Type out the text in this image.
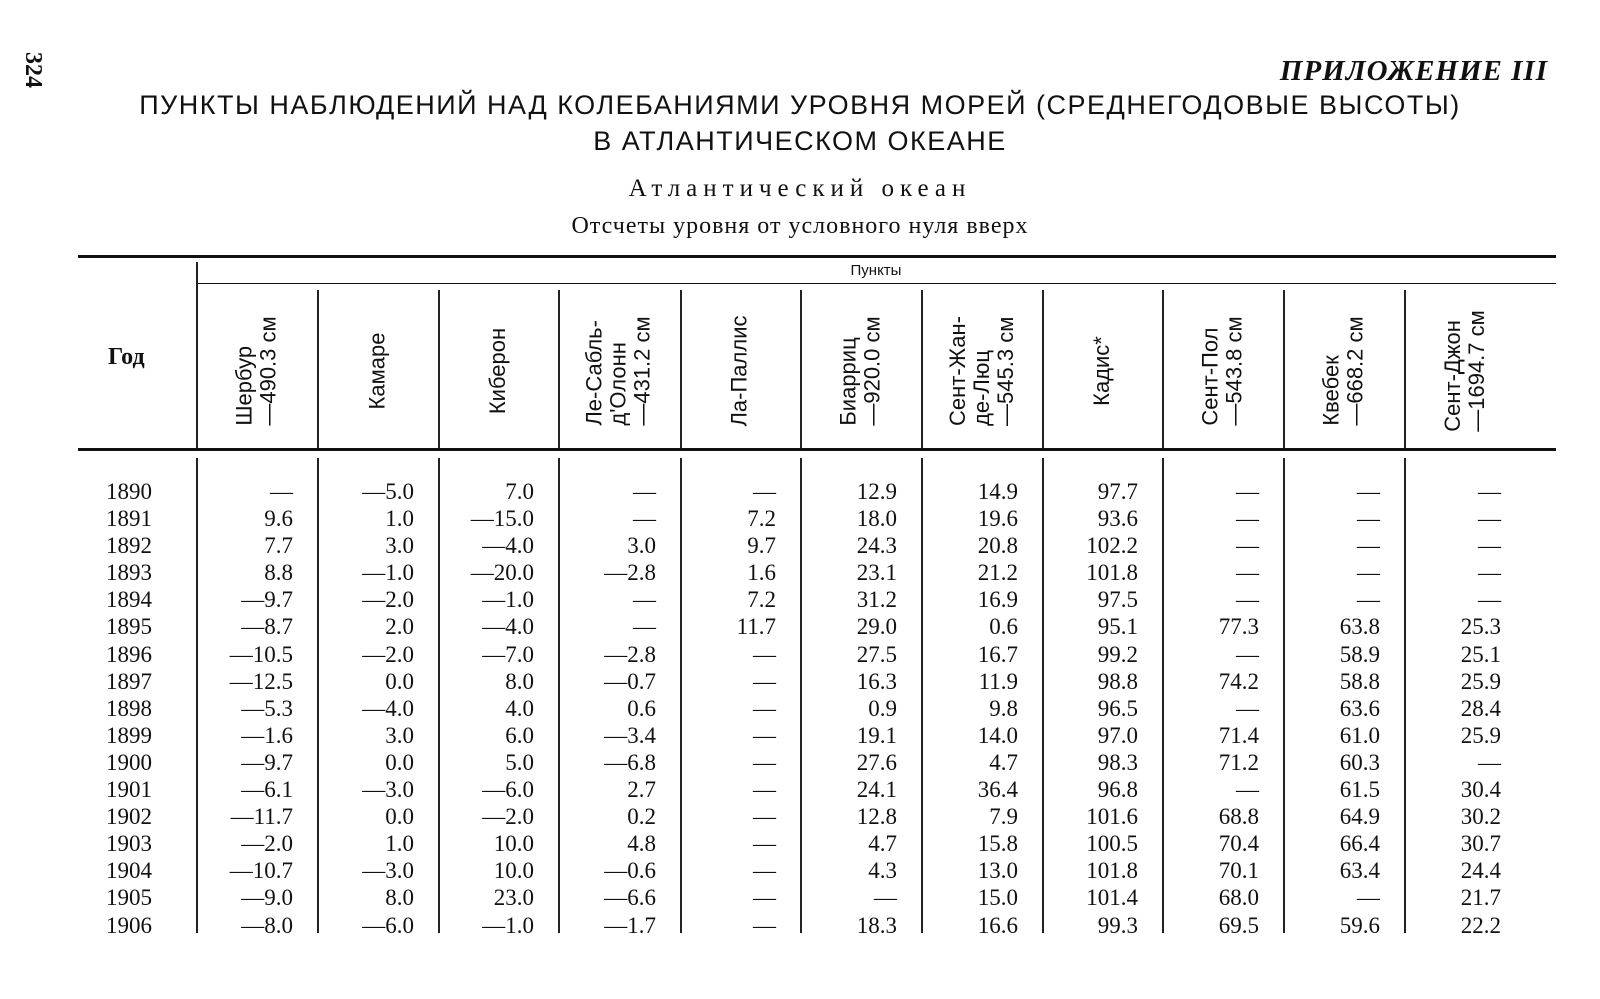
324	ПРИЛОЖЕНИЕ III
ПУНКТЫ НАБЛЮДЕНИЙ НАД КОЛЕБАНИЯМИ УРОВНЯ МОРЕЙ (СРЕДНЕГОДОВЫЕ ВЫСОТЫ)
В АТЛАНТИЧЕСКОМ ОКЕАНЕ
Атлантический океан
Отсчеты уровня от условного нуля вверх
Пункты
Год	Шербур
—490.3 см
—
9.6
7.7
8.8
—9.7
—8.7
—10.5
—12.5
—5.3
—1.6
—9.7
—6.1
—11.7
—2.0
—10.7
—9.0
—8.0
Камаре
—5.0
1.0
3.0
—1.0
—2.0
2.0
—2.0
0.0
—4.0
3.0
0.0
—3.0
0.0
1.0
—3.0
8.0
—6.0
Киберон
7.0
—15.0
—4.0
—20.0
—1.0
—4.0
—7.0
8.0
4.0
6.0
5.0
—6.0
—2.0
10.0
10.0
23.0
—1.0
Ле-Сабль-
д'Олонн
—431.2 см
—
—
3.0
—2.8
—
—
—2.8
—0.7
0.6
—3.4
—6.8
2.7
0.2
4.8
—0.6
—6.6
—1.7
Ла-Паллис
—
7.2
9.7
1.6
7.2
11.7
—
—
—
—
—
—
—
—
—
—
—
Биарриц
—920.0 см
12.9
18.0
24.3
23.1
31.2
29.0
27.5
16.3
0.9
19.1
27.6
24.1
12.8
4.7
4.3
—
18.3
Сент-Жан-
де-Люц
—545.3 см
14.9
19.6
20.8
21.2
16.9
0.6
16.7
11.9
9.8
14.0
4.7
36.4
7.9
15.8
13.0
15.0
16.6
Кадис*
97.7
93.6
102.2
101.8
97.5
95.1
99.2
98.8
96.5
97.0
98.3
96.8
101.6
100.5
101.8
101.4
99.3
Сент-Пол
—543.8 см
—
—
—
—
—
77.3
—
74.2
—
71.4
71.2
—
68.8
70.4
70.1
68.0
69.5
Квебек
—668.2 см
—
—
—
—
—
63.8
58.9
58.8
63.6
61.0
60.3
61.5
64.9
66.4
63.4
—
59.6
Сент-Джон
—1694.7 см
—
—
—
—
—
25.3
25.1
25.9
28.4
25.9
—
30.4
30.2
30.7
24.4
21.7
22.2
1890
1891
1892
1893
1894
1895
1896
1897
1898
1899
1900
1901
1902
1903
1904
1905
1906
